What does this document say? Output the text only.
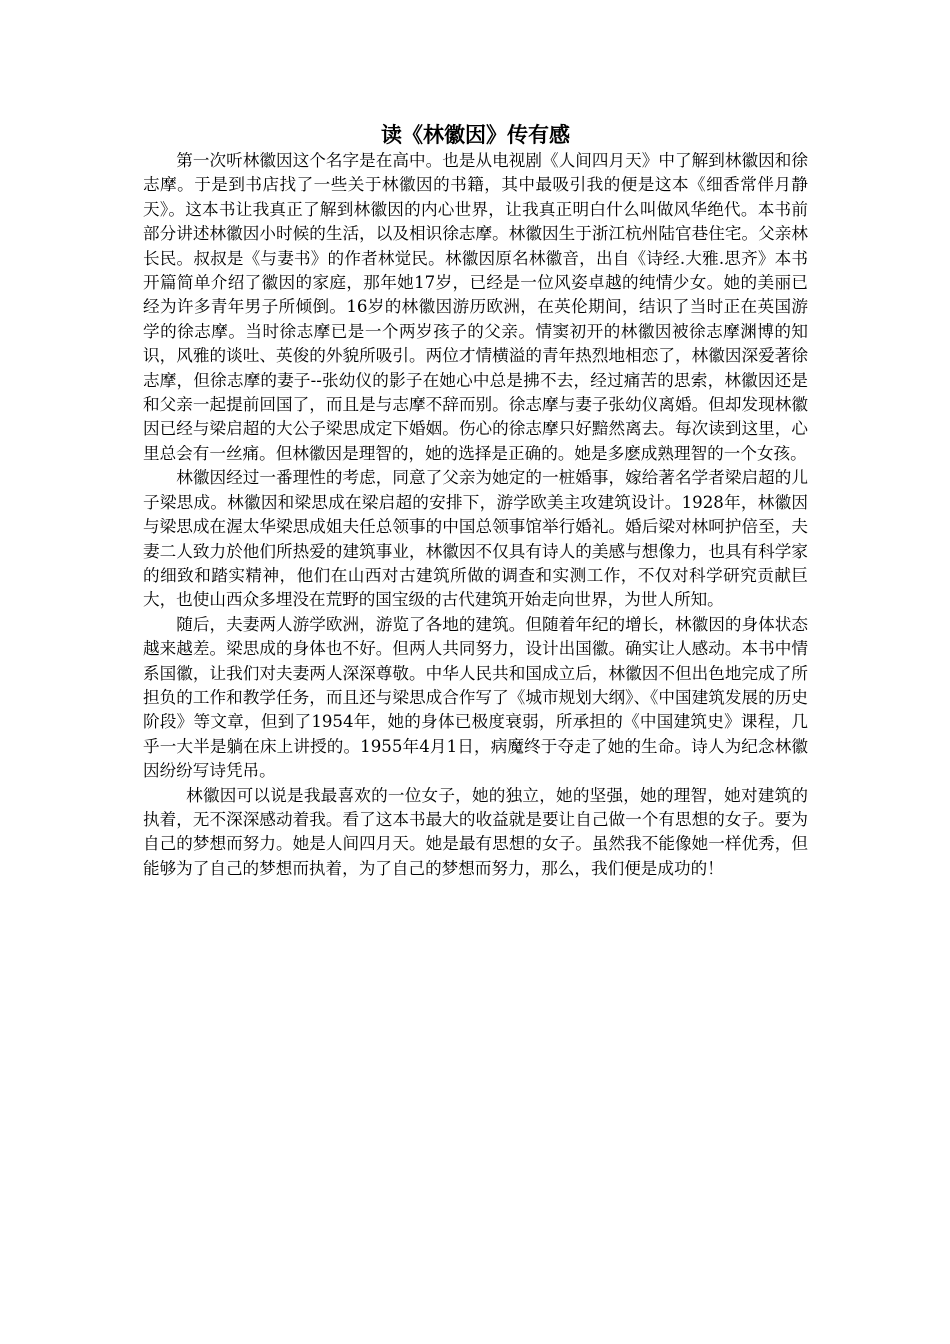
读《林徽因》传有感

第一次听林徽因这个名字是在高中。也是从电视剧《人间四月天》中了解到林徽因和徐志摩。于是到书店找了一些关于林徽因的书籍，其中最吸引我的便是这本《细香常伴月静天》。这本书让我真正了解到林徽因的内心世界，让我真正明白什么叫做风华绝代。本书前部分讲述林徽因小时候的生活，以及相识徐志摩。林徽因生于浙江杭州陆官巷住宅。父亲林长民。叔叔是《与妻书》的作者林觉民。林徽因原名林徽音，出自《诗经.大雅.思齐》本书开篇简单介绍了徽因的家庭，那年她17岁，已经是一位风姿卓越的纯情少女。她的美丽已经为许多青年男子所倾倒。16岁的林徽因游历欧洲，在英伦期间，结识了当时正在英国游学的徐志摩。当时徐志摩已是一个两岁孩子的父亲。情窦初开的林徽因被徐志摩渊博的知识，风雅的谈吐、英俊的外貌所吸引。两位才情横溢的青年热烈地相恋了，林徽因深爱著徐志摩，但徐志摩的妻子--张幼仪的影子在她心中总是拂不去，经过痛苦的思索，林徽因还是和父亲一起提前回国了，而且是与志摩不辞而别。徐志摩与妻子张幼仪离婚。但却发现林徽因已经与梁启超的大公子梁思成定下婚姻。伤心的徐志摩只好黯然离去。每次读到这里，心里总会有一丝痛。但林徽因是理智的，她的选择是正确的。她是多麽成熟理智的一个女孩。

林徽因经过一番理性的考虑，同意了父亲为她定的一桩婚事，嫁给著名学者梁启超的儿子梁思成。林徽因和梁思成在梁启超的安排下，游学欧美主攻建筑设计。1928年，林徽因与梁思成在渥太华梁思成姐夫任总领事的中国总领事馆举行婚礼。婚后梁对林呵护倍至，夫妻二人致力於他们所热爱的建筑事业，林徽因不仅具有诗人的美感与想像力，也具有科学家的细致和踏实精神，他们在山西对古建筑所做的调查和实测工作，不仅对科学研究贡献巨大，也使山西众多埋没在荒野的国宝级的古代建筑开始走向世界，为世人所知。

随后，夫妻两人游学欧洲，游览了各地的建筑。但随着年纪的增长，林徽因的身体状态越来越差。梁思成的身体也不好。但两人共同努力，设计出国徽。确实让人感动。本书中情系国徽，让我们对夫妻两人深深尊敬。中华人民共和国成立后，林徽因不但出色地完成了所担负的工作和教学任务，而且还与梁思成合作写了《城市规划大纲》、《中国建筑发展的历史阶段》等文章，但到了1954年，她的身体已极度衰弱，所承担的《中国建筑史》课程，几乎一大半是躺在床上讲授的。1955年4月1日，病魔终于夺走了她的生命。诗人为纪念林徽因纷纷写诗凭吊。

林徽因可以说是我最喜欢的一位女子，她的独立，她的坚强，她的理智，她对建筑的执着，无不深深感动着我。看了这本书最大的收益就是要让自己做一个有思想的女子。要为自己的梦想而努力。她是人间四月天。她是最有思想的女子。虽然我不能像她一样优秀，但能够为了自己的梦想而执着，为了自己的梦想而努力，那么，我们便是成功的！
